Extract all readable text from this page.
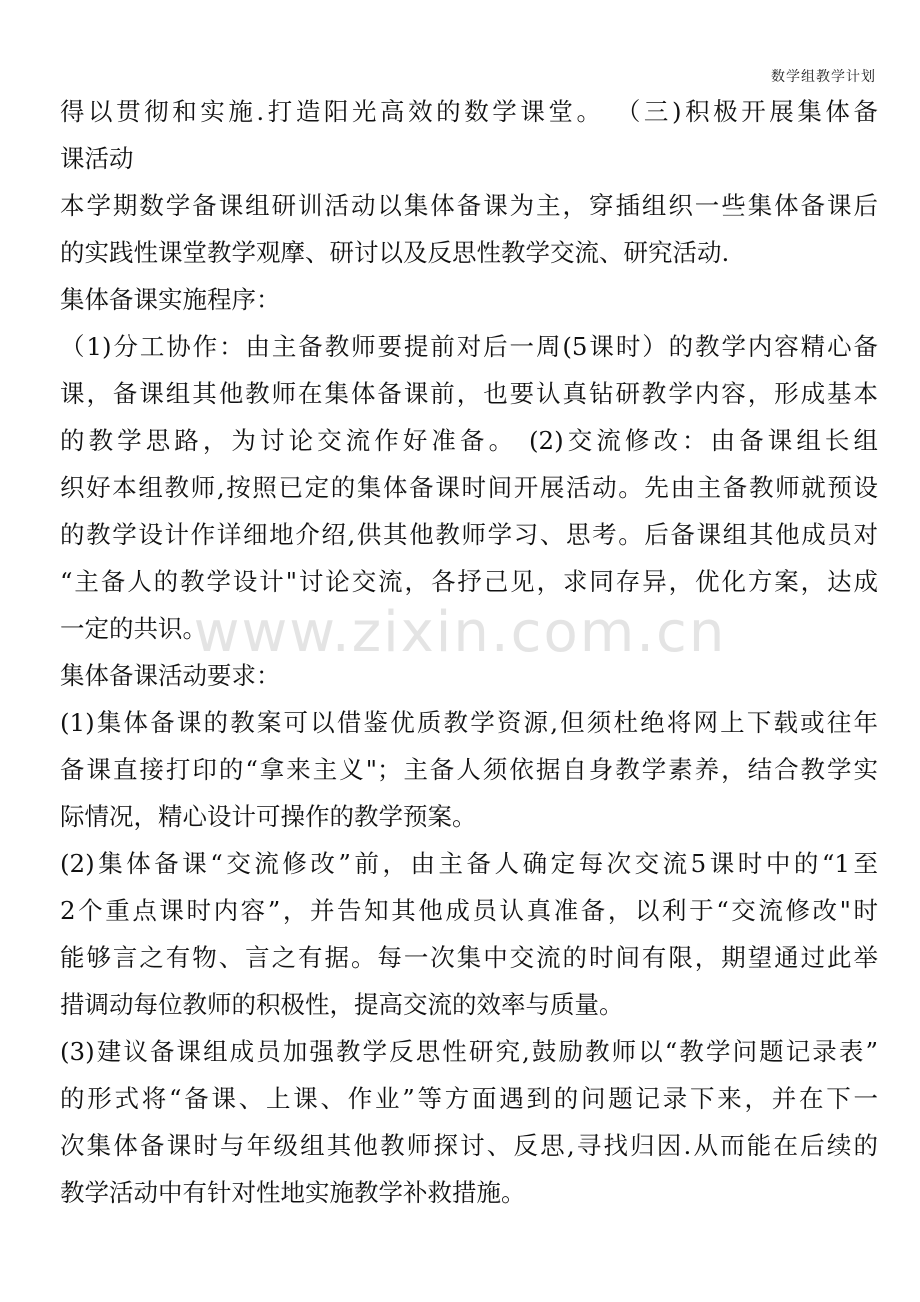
数学组教学计划
www.zixin.com.cn
得以贯彻和实施.打造阳光高效的数学课堂。 （三)积极开展集体备
课活动
本学期数学备课组研训活动以集体备课为主，穿插组织一些集体备课后
的实践性课堂教学观摩、研讨以及反思性教学交流、研究活动.
集体备课实施程序：
（1)分工协作：由主备教师要提前对后一周(5课时）的教学内容精心备
课，备课组其他教师在集体备课前，也要认真钻研教学内容，形成基本
的教学思路，为讨论交流作好准备。 (2)交流修改：由备课组长组
织好本组教师,按照已定的集体备课时间开展活动。先由主备教师就预设
的教学设计作详细地介绍,供其他教师学习、思考。后备课组其他成员对
“主备人的教学设计"讨论交流，各抒己见，求同存异，优化方案，达成
一定的共识。
集体备课活动要求：
(1)集体备课的教案可以借鉴优质教学资源,但须杜绝将网上下载或往年
备课直接打印的“拿来主义"；主备人须依据自身教学素养，结合教学实
际情况，精心设计可操作的教学预案。
(2)集体备课“交流修改”前，由主备人确定每次交流5课时中的“1至
2个重点课时内容”，并告知其他成员认真准备，以利于“交流修改"时
能够言之有物、言之有据。每一次集中交流的时间有限，期望通过此举
措调动每位教师的积极性，提高交流的效率与质量。
(3)建议备课组成员加强教学反思性研究,鼓励教师以“教学问题记录表”
的形式将“备课、上课、作业”等方面遇到的问题记录下来，并在下一
次集体备课时与年级组其他教师探讨、反思,寻找归因.从而能在后续的
教学活动中有针对性地实施教学补救措施。
